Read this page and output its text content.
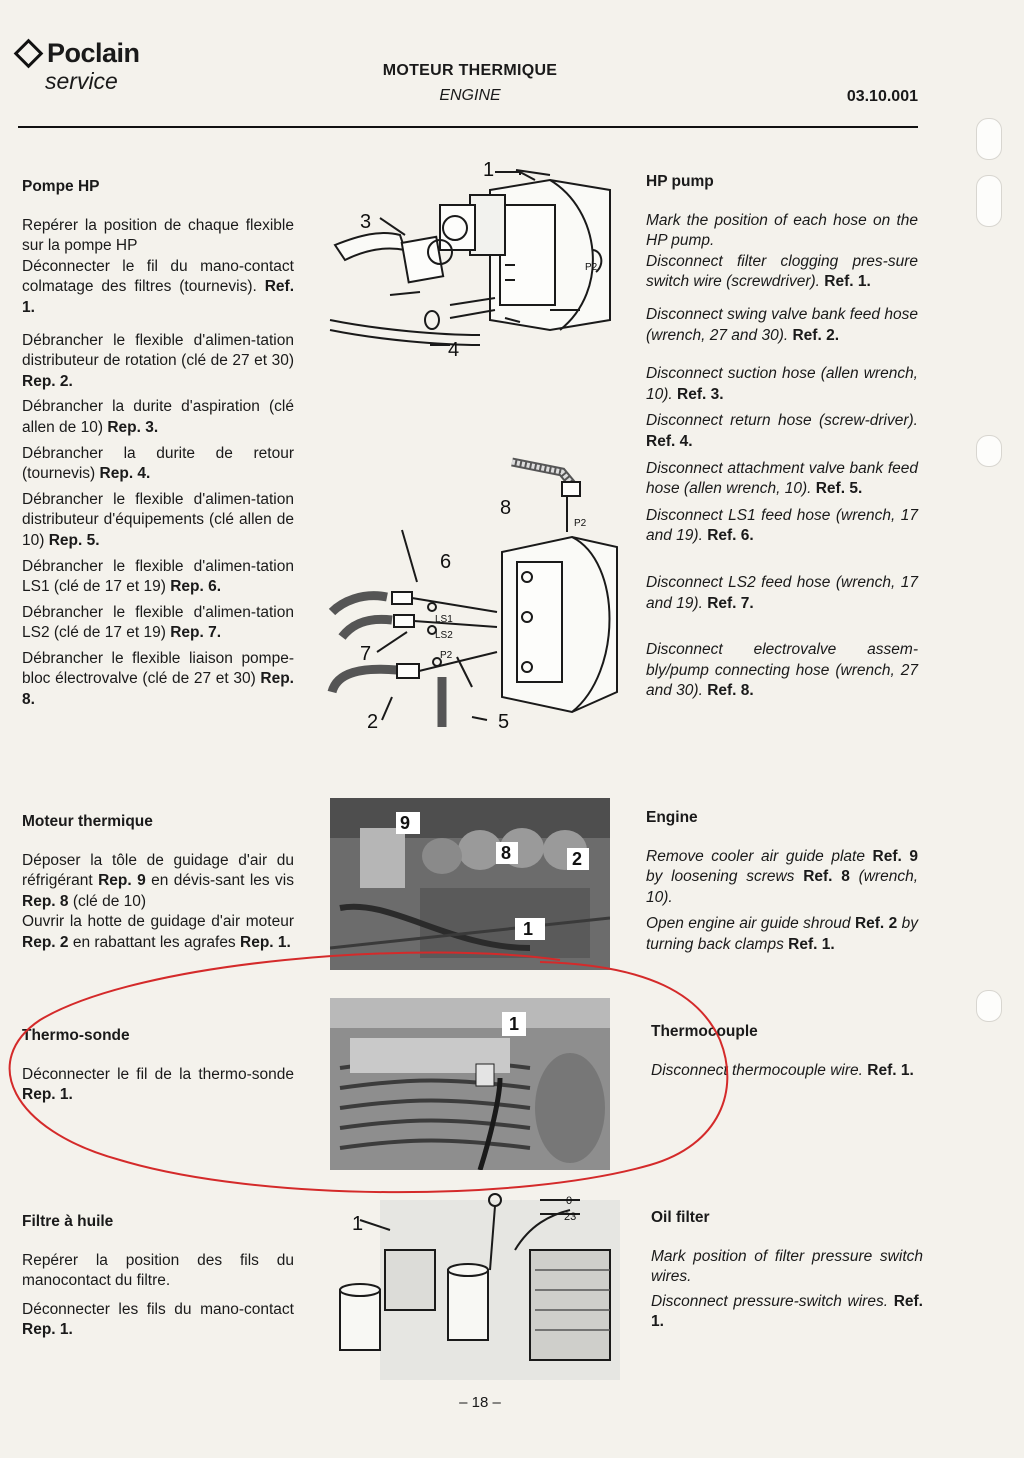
Poclain
service	MOTEUR THERMIQUE
ENGINE	03.10.001
Pompe HP

Repérer la position de chaque flexible sur la pompe HP

Déconnecter le fil du mano-contact colmatage des filtres (tournevis). Ref. 1.

Débrancher le flexible d'alimen-tation distributeur de rotation (clé de 27 et 30) Rep. 2.

Débrancher la durite d'aspiration (clé allen de 10) Rep. 3.

Débrancher la durite de retour (tournevis) Rep. 4.

Débrancher le flexible d'alimen-tation distributeur d'équipements (clé allen de 10) Rep. 5.

Débrancher le flexible d'alimen-tation LS1 (clé de 17 et 19) Rep. 6.

Débrancher le flexible d'alimen-tation LS2 (clé de 17 et 19) Rep. 7.

Débrancher le flexible liaison pompe-bloc électrovalve (clé de 27 et 30) Rep. 8.

Moteur thermique

Déposer la tôle de guidage d'air du réfrigérant Rep. 9 en dévis-sant les vis Rep. 8 (clé de 10)

Ouvrir la hotte de guidage d'air moteur Rep. 2 en rabattant les agrafes Rep. 1.

Thermo-sonde

Déconnecter le fil de la thermo-sonde Rep. 1.

Filtre à huile

Repérer la position des fils du manocontact du filtre.

Déconnecter les fils du mano-contact Rep. 1.

HP pump

Mark the position of each hose on the HP pump.

Disconnect filter clogging pres-sure switch wire (screwdriver). Ref. 1.

Disconnect swing valve bank feed hose (wrench, 27 and 30). Ref. 2.

Disconnect suction hose (allen wrench, 10). Ref. 3.

Disconnect return hose (screw-driver). Ref. 4.

Disconnect attachment valve bank feed hose (allen wrench, 10). Ref. 5.

Disconnect LS1 feed hose (wrench, 17 and 19). Ref. 6.

Disconnect LS2 feed hose (wrench, 17 and 19). Ref. 7.

Disconnect electrovalve assem-bly/pump connecting hose (wrench, 27 and 30). Ref. 8.

Engine

Remove cooler air guide plate Ref. 9 by loosening screws Ref. 8 (wrench, 10).

Open engine air guide shroud Ref. 2 by turning back clamps Ref. 1.

Thermocouple

Disconnect thermocouple wire. Ref. 1.

Oil filter

Mark position of filter pressure switch wires.

Disconnect pressure-switch wires. Ref. 1.

1
3
4
P2
8
P2
6
LS1
LS2
P2
7
2	5
9
8	2
1
1
1
0
23
– 18 –
